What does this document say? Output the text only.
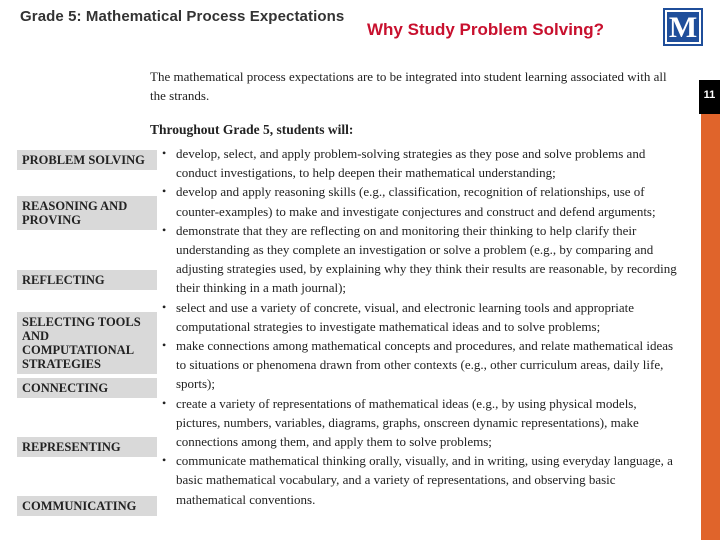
Grade 5: Mathematical Process Expectations
Why Study Problem Solving? M
11
The mathematical process expectations are to be integrated into student learning associated with all the strands.
Throughout Grade 5, students will:
PROBLEM SOLVING
REASONING AND PROVING
REFLECTING
SELECTING TOOLS AND COMPUTATIONAL STRATEGIES
CONNECTING
REPRESENTING
COMMUNICATING
• develop, select, and apply problem-solving strategies as they pose and solve problems and conduct investigations, to help deepen their mathematical understanding;
• develop and apply reasoning skills (e.g., classification, recognition of relationships, use of counter-examples) to make and investigate conjectures and construct and defend arguments;
• demonstrate that they are reflecting on and monitoring their thinking to help clarify their understanding as they complete an investigation or solve a problem (e.g., by comparing and adjusting strategies used, by explaining why they think their results are reasonable, by recording their thinking in a math journal);
• select and use a variety of concrete, visual, and electronic learning tools and appropriate computational strategies to investigate mathematical ideas and to solve problems;
• make connections among mathematical concepts and procedures, and relate mathematical ideas to situations or phenomena drawn from other contexts (e.g., other curriculum areas, daily life, sports);
• create a variety of representations of mathematical ideas (e.g., by using physical models, pictures, numbers, variables, diagrams, graphs, onscreen dynamic representations), make connections among them, and apply them to solve problems;
• communicate mathematical thinking orally, visually, and in writing, using everyday language, a basic mathematical vocabulary, and a variety of representations, and observing basic mathematical conventions.
